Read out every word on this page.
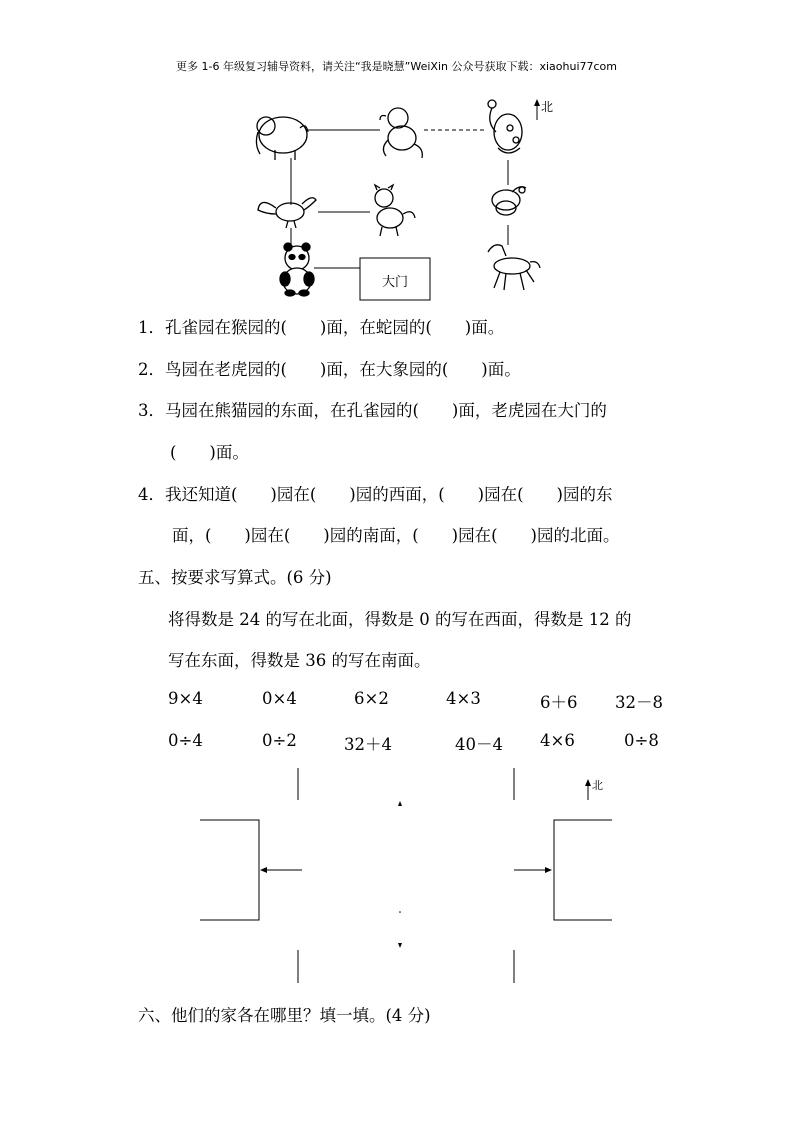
更多 1-6 年级复习辅导资料，请关注“我是晓慧”WeiXin 公众号获取下载：xiaohui77com
北
大门
1．孔雀园在猴园的(　　)面，在蛇园的(　　)面。
2．鸟园在老虎园的(　　)面，在大象园的(　　)面。
3．马园在熊猫园的东面，在孔雀园的(　　)面，老虎园在大门的
(　　)面。
4．我还知道(　　)园在(　　)园的西面，(　　)园在(　　)园的东
面，(　　)园在(　　)园的南面，(　　)园在(　　)园的北面。
五、按要求写算式。(6 分)
将得数是 24 的写在北面，得数是 0 的写在西面，得数是 12 的
写在东面，得数是 36 的写在南面。
9×4	0×4	6×2	4×3	6＋6 32－8
0÷4	0÷2	32＋4	40－4 4×6	0÷8
北
六、他们的家各在哪里？填一填。(4 分)
